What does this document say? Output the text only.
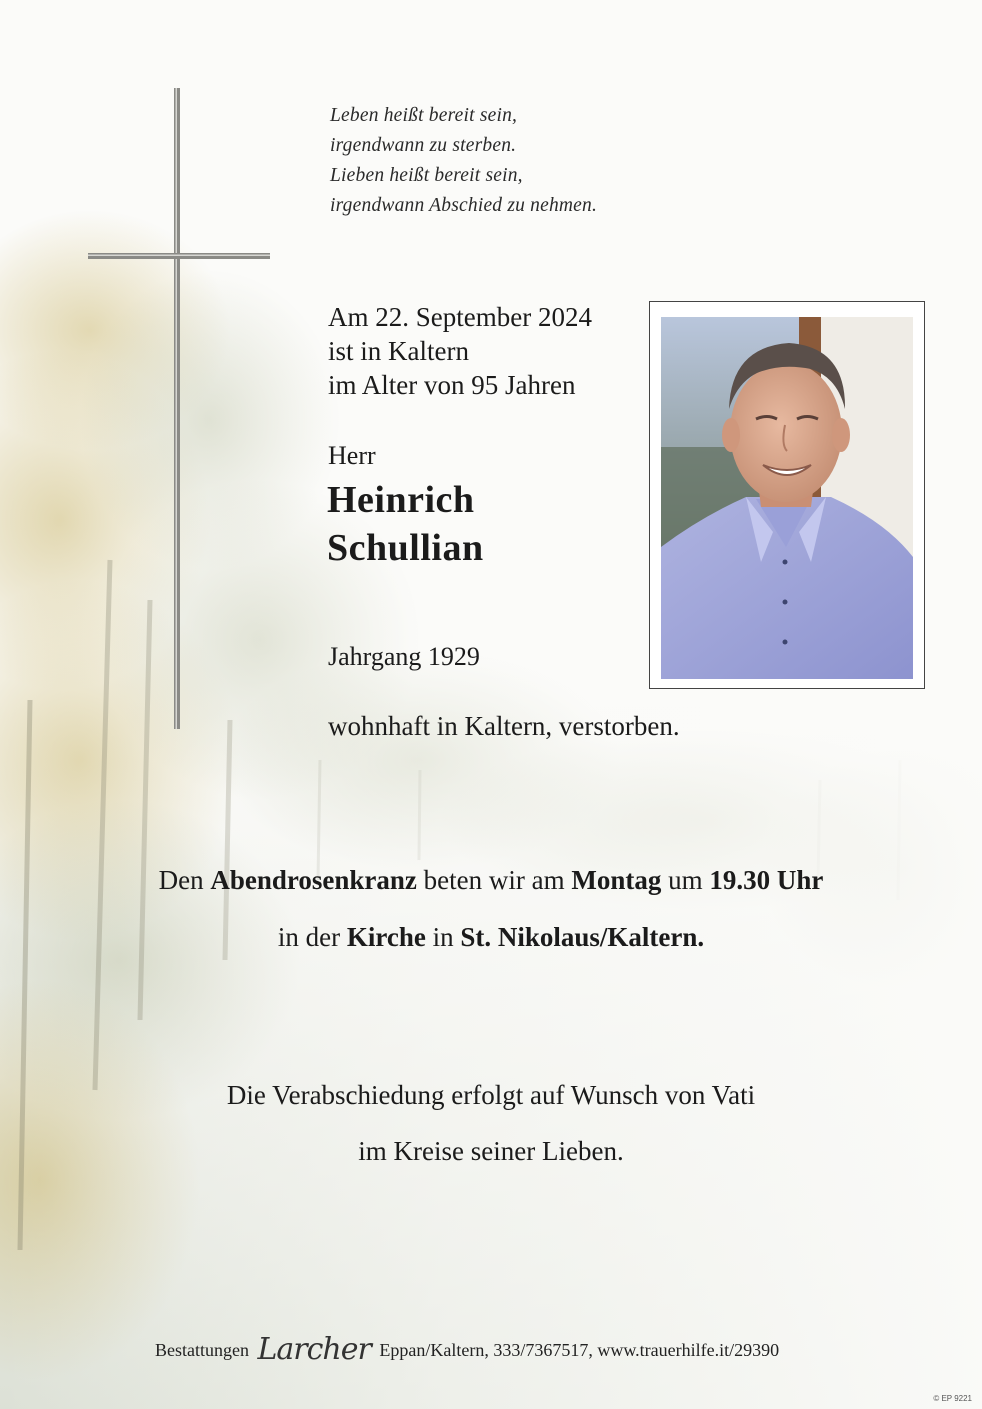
Leben heißt bereit sein,
irgendwann zu sterben.
Lieben heißt bereit sein,
irgendwann Abschied zu nehmen.
Am 22. September 2024
ist in Kaltern
im Alter von 95 Jahren
Herr
Heinrich
Schullian
Jahrgang 1929
wohnhaft in Kaltern, verstorben.
Den Abendrosenkranz beten wir am Montag um 19.30 Uhr
in der Kirche in St. Nikolaus/Kaltern.
Die Verabschiedung erfolgt auf Wunsch von Vati
im Kreise seiner Lieben.
Bestattungen Larcher Eppan/Kaltern, 333/7367517, www.trauerhilfe.it/29390
© EP 9221
